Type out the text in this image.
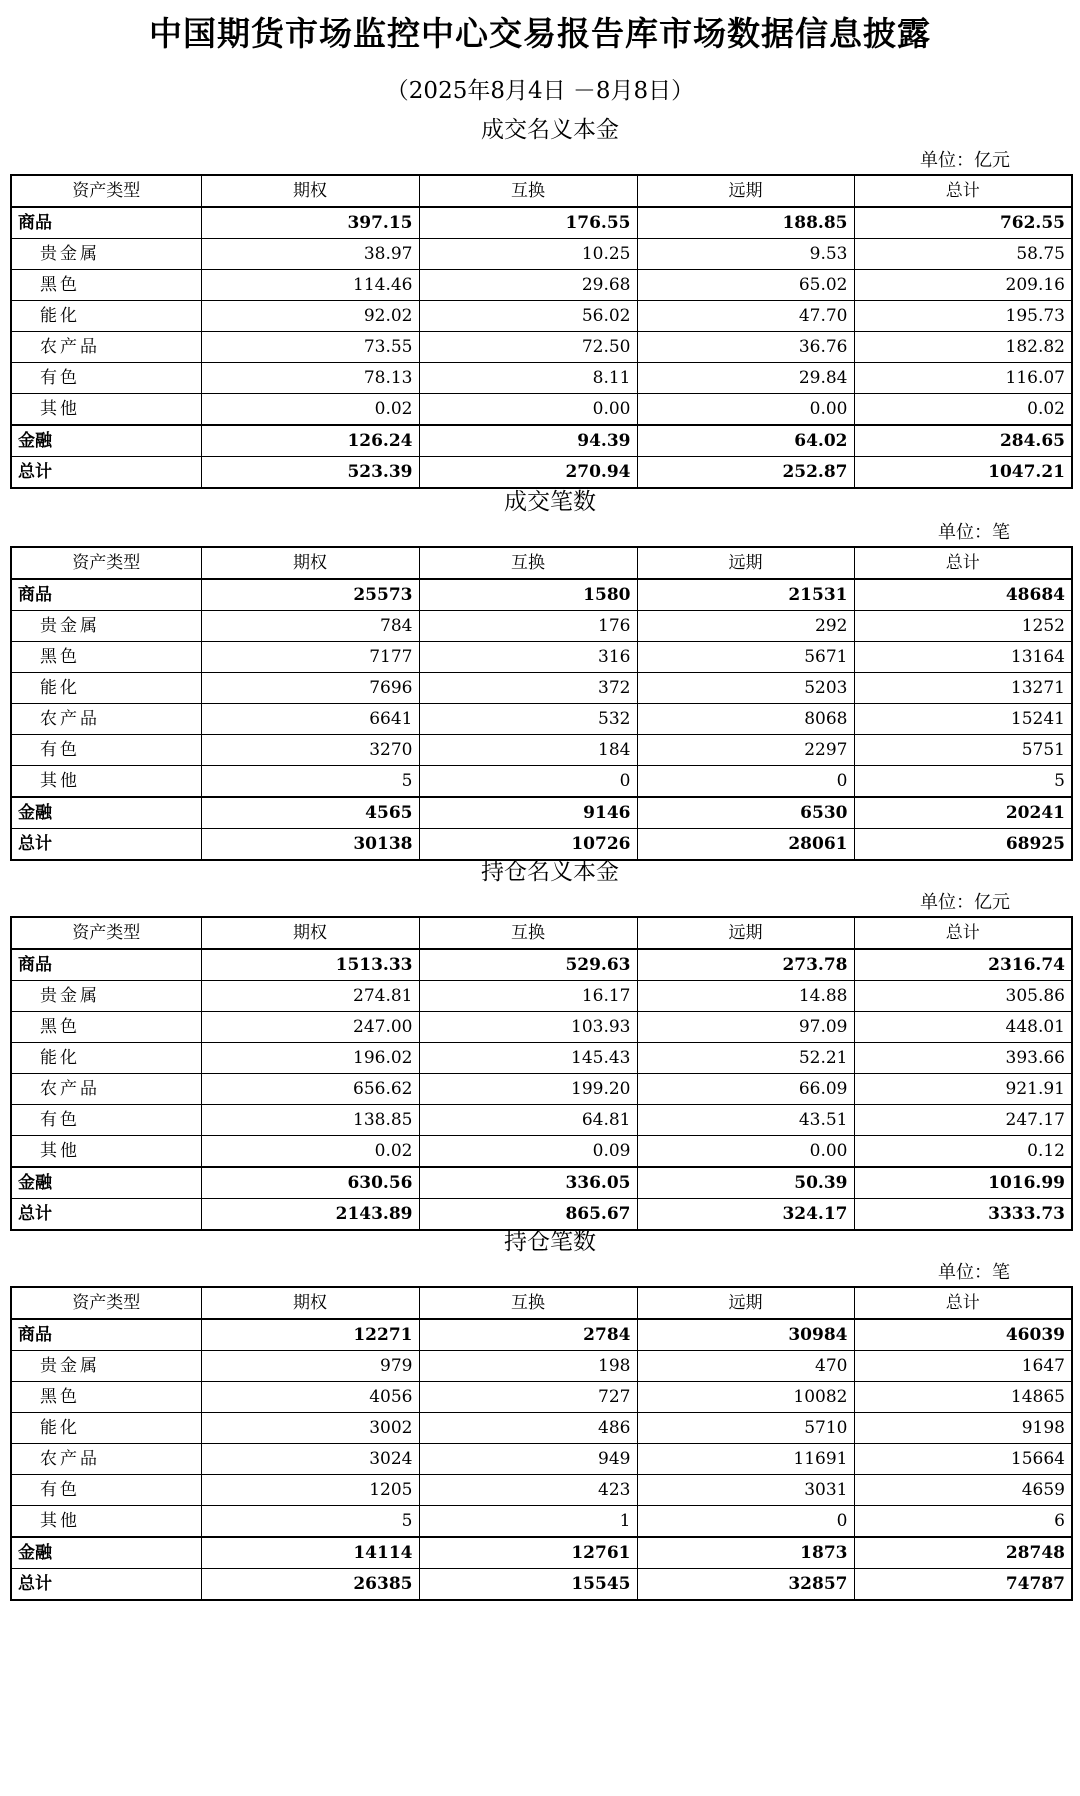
中国期货市场监控中心交易报告库市场数据信息披露
（2025年8月4日 －8月8日）
成交名义本金
单位：亿元
资产类型	期权	互换	远期	总计
商品	397.15	176.55	188.85	762.55
贵金属	38.97	10.25	9.53	58.75
黑色	114.46	29.68	65.02	209.16
能化	92.02	56.02	47.70	195.73
农产品	73.55	72.50	36.76	182.82
有色	78.13	8.11	29.84	116.07
其他	0.02	0.00	0.00	0.02
金融	126.24	94.39	64.02	284.65
总计	523.39	270.94	252.87	1047.21
成交笔数
单位：笔
资产类型	期权	互换	远期	总计
商品	25573	1580	21531	48684
贵金属	784	176	292	1252
黑色	7177	316	5671	13164
能化	7696	372	5203	13271
农产品	6641	532	8068	15241
有色	3270	184	2297	5751
其他	5	0	0	5
金融	4565	9146	6530	20241
总计	30138	10726	28061	68925
持仓名义本金
单位：亿元
资产类型	期权	互换	远期	总计
商品	1513.33	529.63	273.78	2316.74
贵金属	274.81	16.17	14.88	305.86
黑色	247.00	103.93	97.09	448.01
能化	196.02	145.43	52.21	393.66
农产品	656.62	199.20	66.09	921.91
有色	138.85	64.81	43.51	247.17
其他	0.02	0.09	0.00	0.12
金融	630.56	336.05	50.39	1016.99
总计	2143.89	865.67	324.17	3333.73
持仓笔数
单位：笔
资产类型	期权	互换	远期	总计
商品	12271	2784	30984	46039
贵金属	979	198	470	1647
黑色	4056	727	10082	14865
能化	3002	486	5710	9198
农产品	3024	949	11691	15664
有色	1205	423	3031	4659
其他	5	1	0	6
金融	14114	12761	1873	28748
总计	26385	15545	32857	74787
